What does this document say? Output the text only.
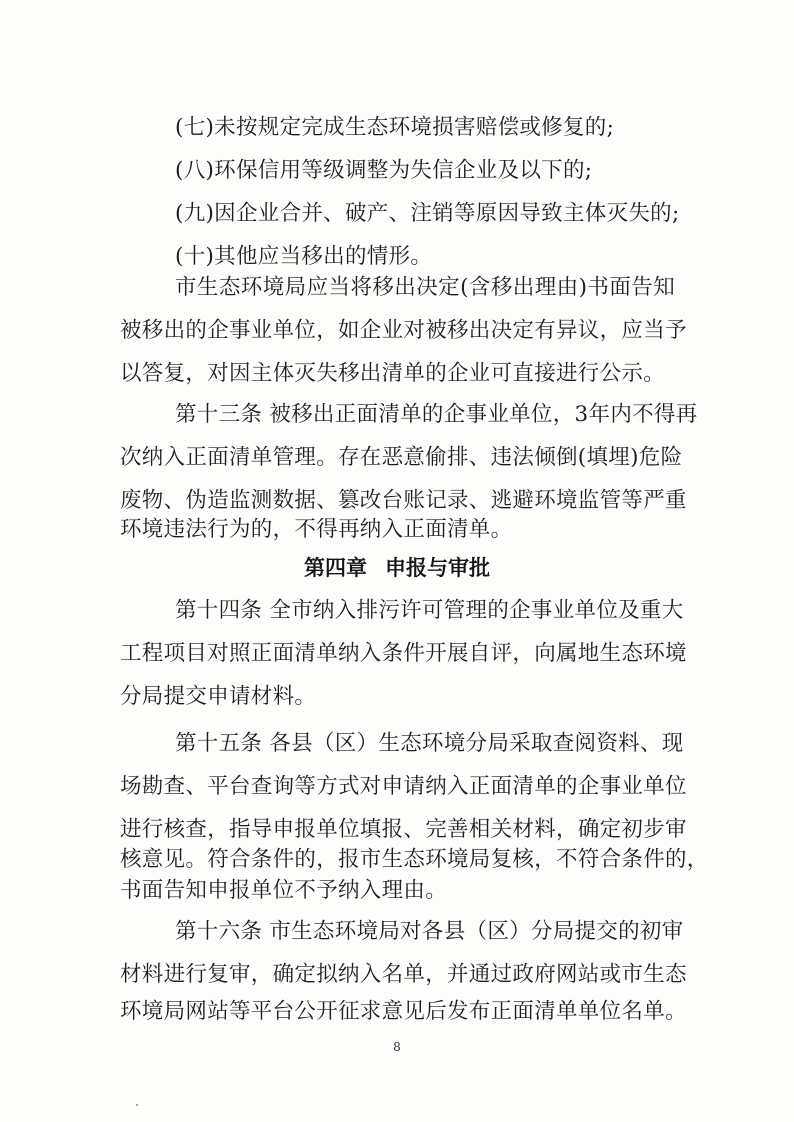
(七)未按规定完成生态环境损害赔偿或修复的;
(八)环保信用等级调整为失信企业及以下的;
(九)因企业合并、破产、注销等原因导致主体灭失的;
(十)其他应当移出的情形。
市生态环境局应当将移出决定(含移出理由)书面告知
被移出的企事业单位，如企业对被移出决定有异议，应当予
以答复，对因主体灭失移出清单的企业可直接进行公示。
第十三条 被移出正面清单的企事业单位，3年内不得再
次纳入正面清单管理。存在恶意偷排、违法倾倒(填埋)危险
废物、伪造监测数据、篡改台账记录、逃避环境监管等严重
环境违法行为的，不得再纳入正面清单。
第四章 申报与审批
第十四条 全市纳入排污许可管理的企事业单位及重大
工程项目对照正面清单纳入条件开展自评，向属地生态环境
分局提交申请材料。
第十五条 各县（区）生态环境分局采取查阅资料、现
场勘查、平台查询等方式对申请纳入正面清单的企事业单位
进行核查，指导申报单位填报、完善相关材料，确定初步审
核意见。符合条件的，报市生态环境局复核，不符合条件的，
书面告知申报单位不予纳入理由。
第十六条 市生态环境局对各县（区）分局提交的初审
材料进行复审，确定拟纳入名单，并通过政府网站或市生态
环境局网站等平台公开征求意见后发布正面清单单位名单。
8
